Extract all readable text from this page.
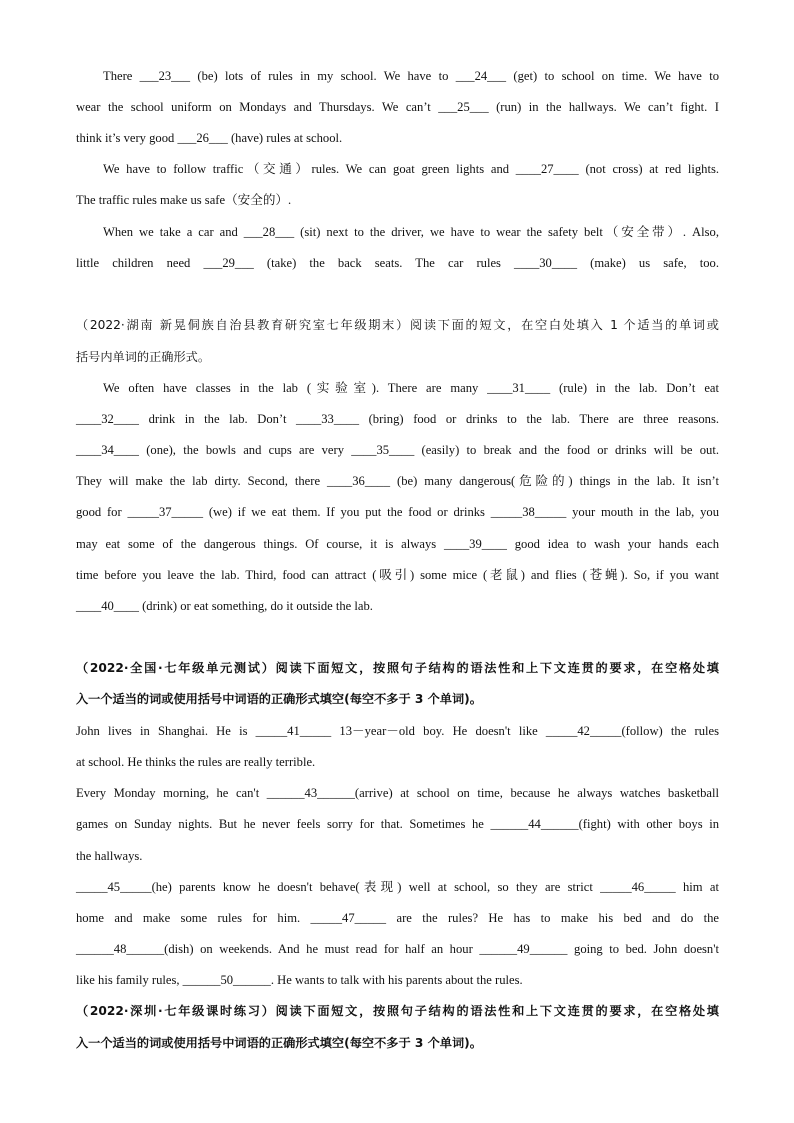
There ___23___ (be) lots of rules in my school. We have to ___24___ (get) to school on time. We have to
wear the school uniform on Mondays and Thursdays. We can’t ___25___ (run) in the hallways. We can’t fight. I
think it’s very good ___26___ (have) rules at school.
We have to follow traffic（交通）rules. We can goat green lights and ____27____ (not cross) at red lights.
The traffic rules make us safe（安全的）.
When we take a car and ___28___ (sit) next to the driver, we have to wear the safety belt（安全带）. Also,
little children need ___29___ (take) the back seats. The car rules ____30____ (make) us safe, too.
（2022·湖南 新晃侗族自治县教育研究室七年级期末）阅读下面的短文，在空白处填入 1 个适当的单词或
括号内单词的正确形式。
We often have classes in the lab (实验室). There are many ____31____ (rule) in the lab. Don’t eat
____32____ drink in the lab. Don’t ____33____ (bring) food or drinks to the lab. There are three reasons.
____34____ (one), the bowls and cups are very ____35____ (easily) to break and the food or drinks will be out.
They will make the lab dirty. Second, there ____36____ (be) many dangerous(危险的) things in the lab. It isn’t
good for _____37_____ (we) if we eat them. If you put the food or drinks _____38_____ your mouth in the lab, you
may eat some of the dangerous things. Of course, it is always ____39____ good idea to wash your hands each
time before you leave the lab. Third, food can attract (吸引) some mice (老鼠) and flies (苍蝇). So, if you want
____40____ (drink) or eat something, do it outside the lab.
（2022·全国·七年级单元测试）阅读下面短文，按照句子结构的语法性和上下文连贯的要求，在空格处填
入一个适当的词或使用括号中词语的正确形式填空(每空不多于 3 个单词)。
John lives in Shanghai. He is _____41_____ 13－year－old boy. He doesn't like _____42_____(follow) the rules
at school. He thinks the rules are really terrible.
Every Monday morning, he can't ______43______(arrive) at school on time, because he always watches basketball
games on Sunday nights. But he never feels sorry for that. Sometimes he ______44______(fight) with other boys in
the hallways.
_____45_____(he) parents know he doesn't behave(表现) well at school, so they are strict _____46_____ him at
home and make some rules for him. _____47_____ are the rules? He has to make his bed and do the
______48______(dish) on weekends. And he must read for half an hour ______49______ going to bed. John doesn't
like his family rules, ______50______. He wants to talk with his parents about the rules.
（2022·深圳·七年级课时练习）阅读下面短文，按照句子结构的语法性和上下文连贯的要求，在空格处填
入一个适当的词或使用括号中词语的正确形式填空(每空不多于 3 个单词)。
